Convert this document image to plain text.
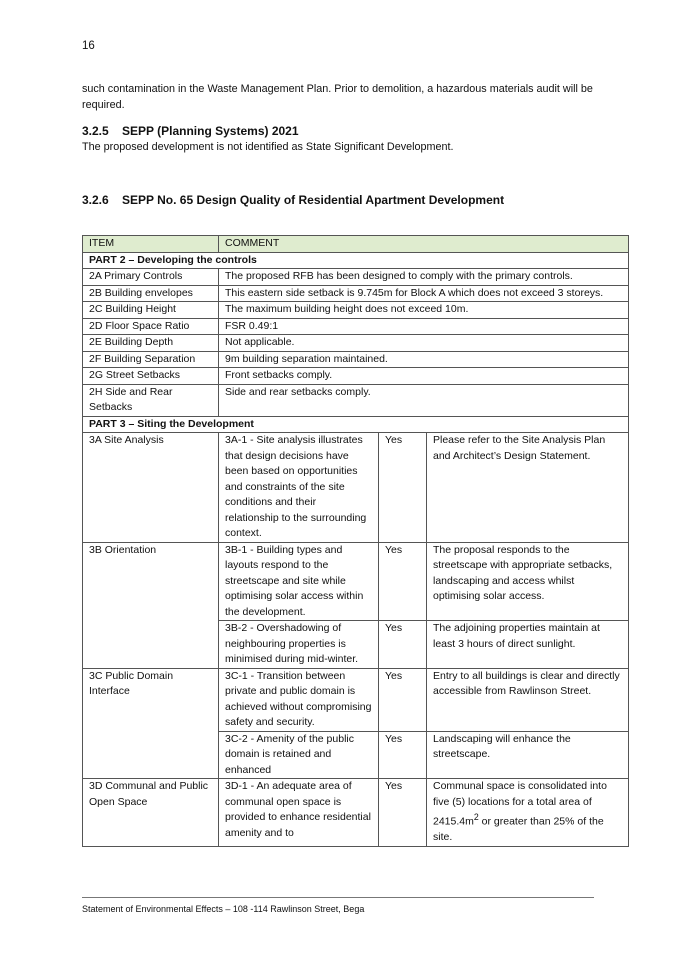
16
such contamination in the Waste Management Plan. Prior to demolition, a hazardous materials audit will be required.
3.2.5 SEPP (Planning Systems) 2021
The proposed development is not identified as State Significant Development.
3.2.6 SEPP No. 65 Design Quality of Residential Apartment Development
ITEM	COMMENT		
PART 2 – Developing the controls			
2A Primary Controls	The proposed RFB has been designed to comply with the primary controls.		
2B Building envelopes	This eastern side setback is 9.745m for Block A which does not exceed 3 storeys.		
2C Building Height	The maximum building height does not exceed 10m.		
2D Floor Space Ratio	FSR 0.49:1		
2E Building Depth	Not applicable.		
2F Building Separation	9m building separation maintained.		
2G Street Setbacks	Front setbacks comply.		
2H Side and Rear Setbacks	Side and rear setbacks comply.		
PART 3 – Siting the Development			
3A Site Analysis	3A-1 - Site analysis illustrates that design decisions have been based on opportunities and constraints of the site conditions and their relationship to the surrounding context.	Yes	Please refer to the Site Analysis Plan and Architect’s Design Statement.
3B Orientation	3B-1 - Building types and layouts respond to the streetscape and site while optimising solar access within the development.	Yes	The proposal responds to the streetscape with appropriate setbacks, landscaping and access whilst optimising solar access.
	3B-2 - Overshadowing of neighbouring properties is minimised during mid-winter.	Yes	The adjoining properties maintain at least 3 hours of direct sunlight.
3C Public Domain Interface	3C-1 - Transition between private and public domain is achieved without compromising safety and security.	Yes	Entry to all buildings is clear and directly accessible from Rawlinson Street.
	3C-2 - Amenity of the public domain is retained and enhanced	Yes	Landscaping will enhance the streetscape.
3D Communal and Public Open Space	3D-1 - An adequate area of communal open space is provided to enhance residential amenity and to	Yes	Communal space is consolidated into five (5) locations for a total area of $2415.4m^2$ or greater than 25% of the site.
Statement of Environmental Effects – 108 -114 Rawlinson Street, Bega
